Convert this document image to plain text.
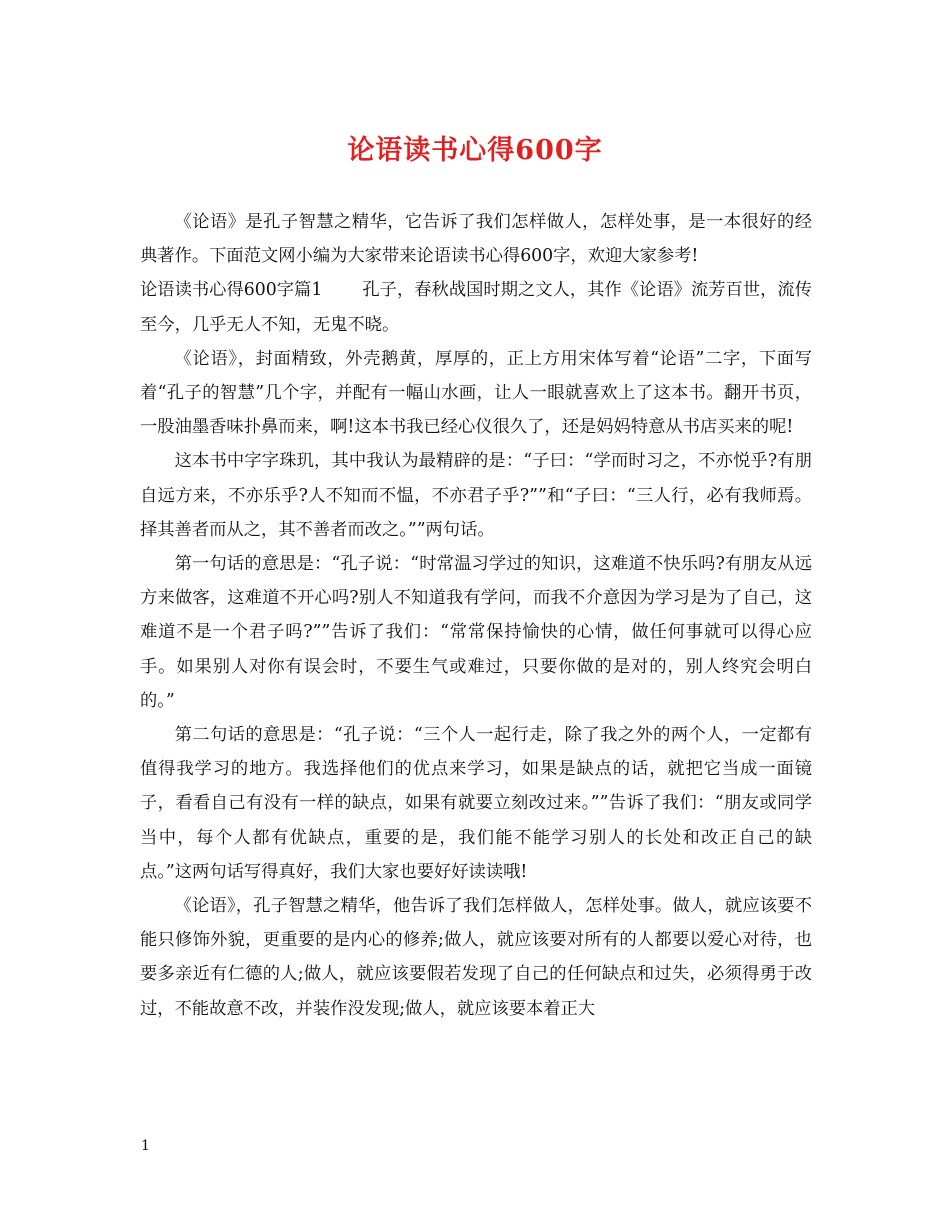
论语读书心得600字

《论语》是孔子智慧之精华，它告诉了我们怎样做人，怎样处事，是一本很好的经典著作。下面范文网小编为大家带来论语读书心得600字，欢迎大家参考!

论语读书心得600字篇1 孔子，春秋战国时期之文人，其作《论语》流芳百世，流传至今，几乎无人不知，无鬼不晓。

《论语》，封面精致，外壳鹅黄，厚厚的，正上方用宋体写着“论语”二字，下面写着“孔子的智慧”几个字，并配有一幅山水画，让人一眼就喜欢上了这本书。翻开书页，一股油墨香味扑鼻而来，啊!这本书我已经心仪很久了，还是妈妈特意从书店买来的呢!

这本书中字字珠玑，其中我认为最精辟的是：“子曰：“学而时习之，不亦悦乎?有朋自远方来，不亦乐乎?人不知而不愠，不亦君子乎?””和“子曰：“三人行，必有我师焉。择其善者而从之，其不善者而改之。””两句话。

第一句话的意思是：“孔子说：“时常温习学过的知识，这难道不快乐吗?有朋友从远方来做客，这难道不开心吗?别人不知道我有学问，而我不介意因为学习是为了自己，这难道不是一个君子吗?””告诉了我们：“常常保持愉快的心情，做任何事就可以得心应手。如果别人对你有误会时，不要生气或难过，只要你做的是对的，别人终究会明白的。”

第二句话的意思是：“孔子说：“三个人一起行走，除了我之外的两个人，一定都有值得我学习的地方。我选择他们的优点来学习，如果是缺点的话，就把它当成一面镜子，看看自己有没有一样的缺点，如果有就要立刻改过来。””告诉了我们：“朋友或同学当中，每个人都有优缺点，重要的是，我们能不能学习别人的长处和改正自己的缺点。”这两句话写得真好，我们大家也要好好读读哦!

《论语》，孔子智慧之精华，他告诉了我们怎样做人，怎样处事。做人，就应该要不能只修饰外貌，更重要的是内心的修养;做人，就应该要对所有的人都要以爱心对待，也要多亲近有仁德的人;做人，就应该要假若发现了自己的任何缺点和过失，必须得勇于改过，不能故意不改，并装作没发现;做人，就应该要本着正大

1
